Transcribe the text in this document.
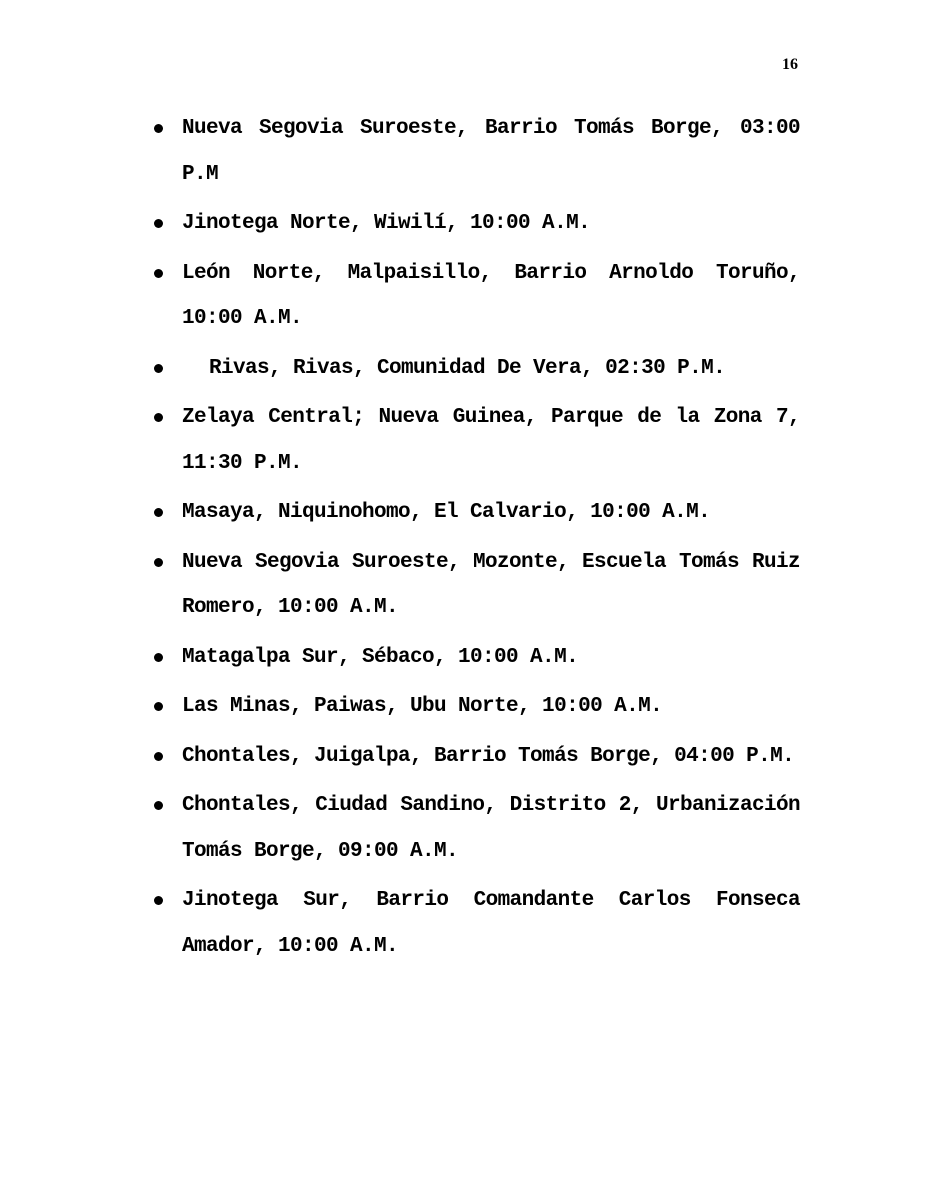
16
Nueva Segovia Suroeste, Barrio Tomás Borge, 03:00 P.M
Jinotega Norte, Wiwilí, 10:00 A.M.
León Norte, Malpaisillo, Barrio Arnoldo Toruño, 10:00 A.M.
Rivas, Rivas, Comunidad De Vera, 02:30 P.M.
Zelaya Central; Nueva Guinea, Parque de la Zona 7, 11:30 P.M.
Masaya, Niquinohomo, El Calvario, 10:00 A.M.
Nueva Segovia Suroeste, Mozonte, Escuela Tomás Ruiz Romero, 10:00 A.M.
Matagalpa Sur, Sébaco, 10:00 A.M.
Las Minas, Paiwas, Ubu Norte, 10:00 A.M.
Chontales, Juigalpa, Barrio Tomás Borge, 04:00 P.M.
Chontales, Ciudad Sandino, Distrito 2, Urbanización Tomás Borge, 09:00 A.M.
Jinotega Sur, Barrio Comandante Carlos Fonseca Amador, 10:00 A.M.
